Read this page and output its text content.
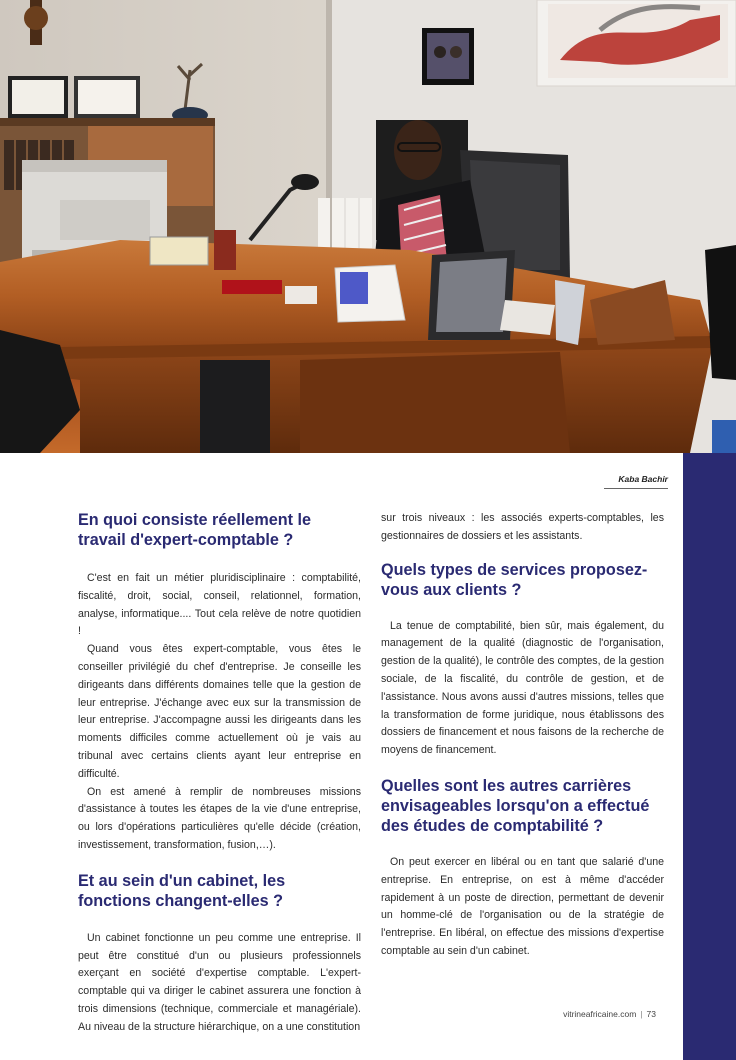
Kaba Bachir
En quoi consiste réellement le travail d'expert-comptable ?

C'est en fait un métier pluridisciplinaire : comptabilité, fiscalité, droit, social, conseil, relationnel, formation, analyse, informatique.... Tout cela relève de notre quotidien !

Quand vous êtes expert-comptable, vous êtes le conseiller privilégié du chef d'entreprise. Je conseille les dirigeants dans différents domaines telle que la gestion de leur entreprise. J'échange avec eux sur la transmission de leur entreprise. J'accompagne aussi les dirigeants dans les moments difficiles comme actuellement où je vais au tribunal avec certains clients ayant leur entreprise en difficulté.

On est amené à remplir de nombreuses missions d'assistance à toutes les étapes de la vie d'une entreprise, ou lors d'opérations particulières qu'elle décide (création, investissement, transformation, fusion,…).

Et au sein d'un cabinet, les fonctions changent-elles ?

Un cabinet fonctionne un peu comme une entreprise. Il peut être constitué d'un ou plusieurs professionnels exerçant en société d'expertise comptable. L'expert-comptable qui va diriger le cabinet assurera une fonction à trois dimensions (technique, commerciale et managériale). Au niveau de la structure hiérarchique, on a une constitution

sur trois niveaux : les associés experts-comptables, les gestionnaires de dossiers et les assistants.

Quels types de services proposez-vous aux clients ?

La tenue de comptabilité, bien sûr, mais également, du management de la qualité (diagnostic de l'organisation, gestion de la qualité), le contrôle des comptes, de la gestion sociale, de la fiscalité, du contrôle de gestion, et de l'assistance. Nous avons aussi d'autres missions, telles que la transformation de forme juridique, nous établissons des dossiers de financement et nous faisons de la recherche de moyens de financement.

Quelles sont les autres carrières envisageables lorsqu'on a effectué des études de comptabilité ?

On peut exercer en libéral ou en tant que salarié d'une entreprise. En entreprise, on est à même d'accéder rapidement à un poste de direction, permettant de devenir un homme-clé de l'organisation ou de la stratégie de l'entreprise. En libéral, on effectue des missions d'expertise comptable au sein d'un cabinet.

vitrineafricaine.com | 73
